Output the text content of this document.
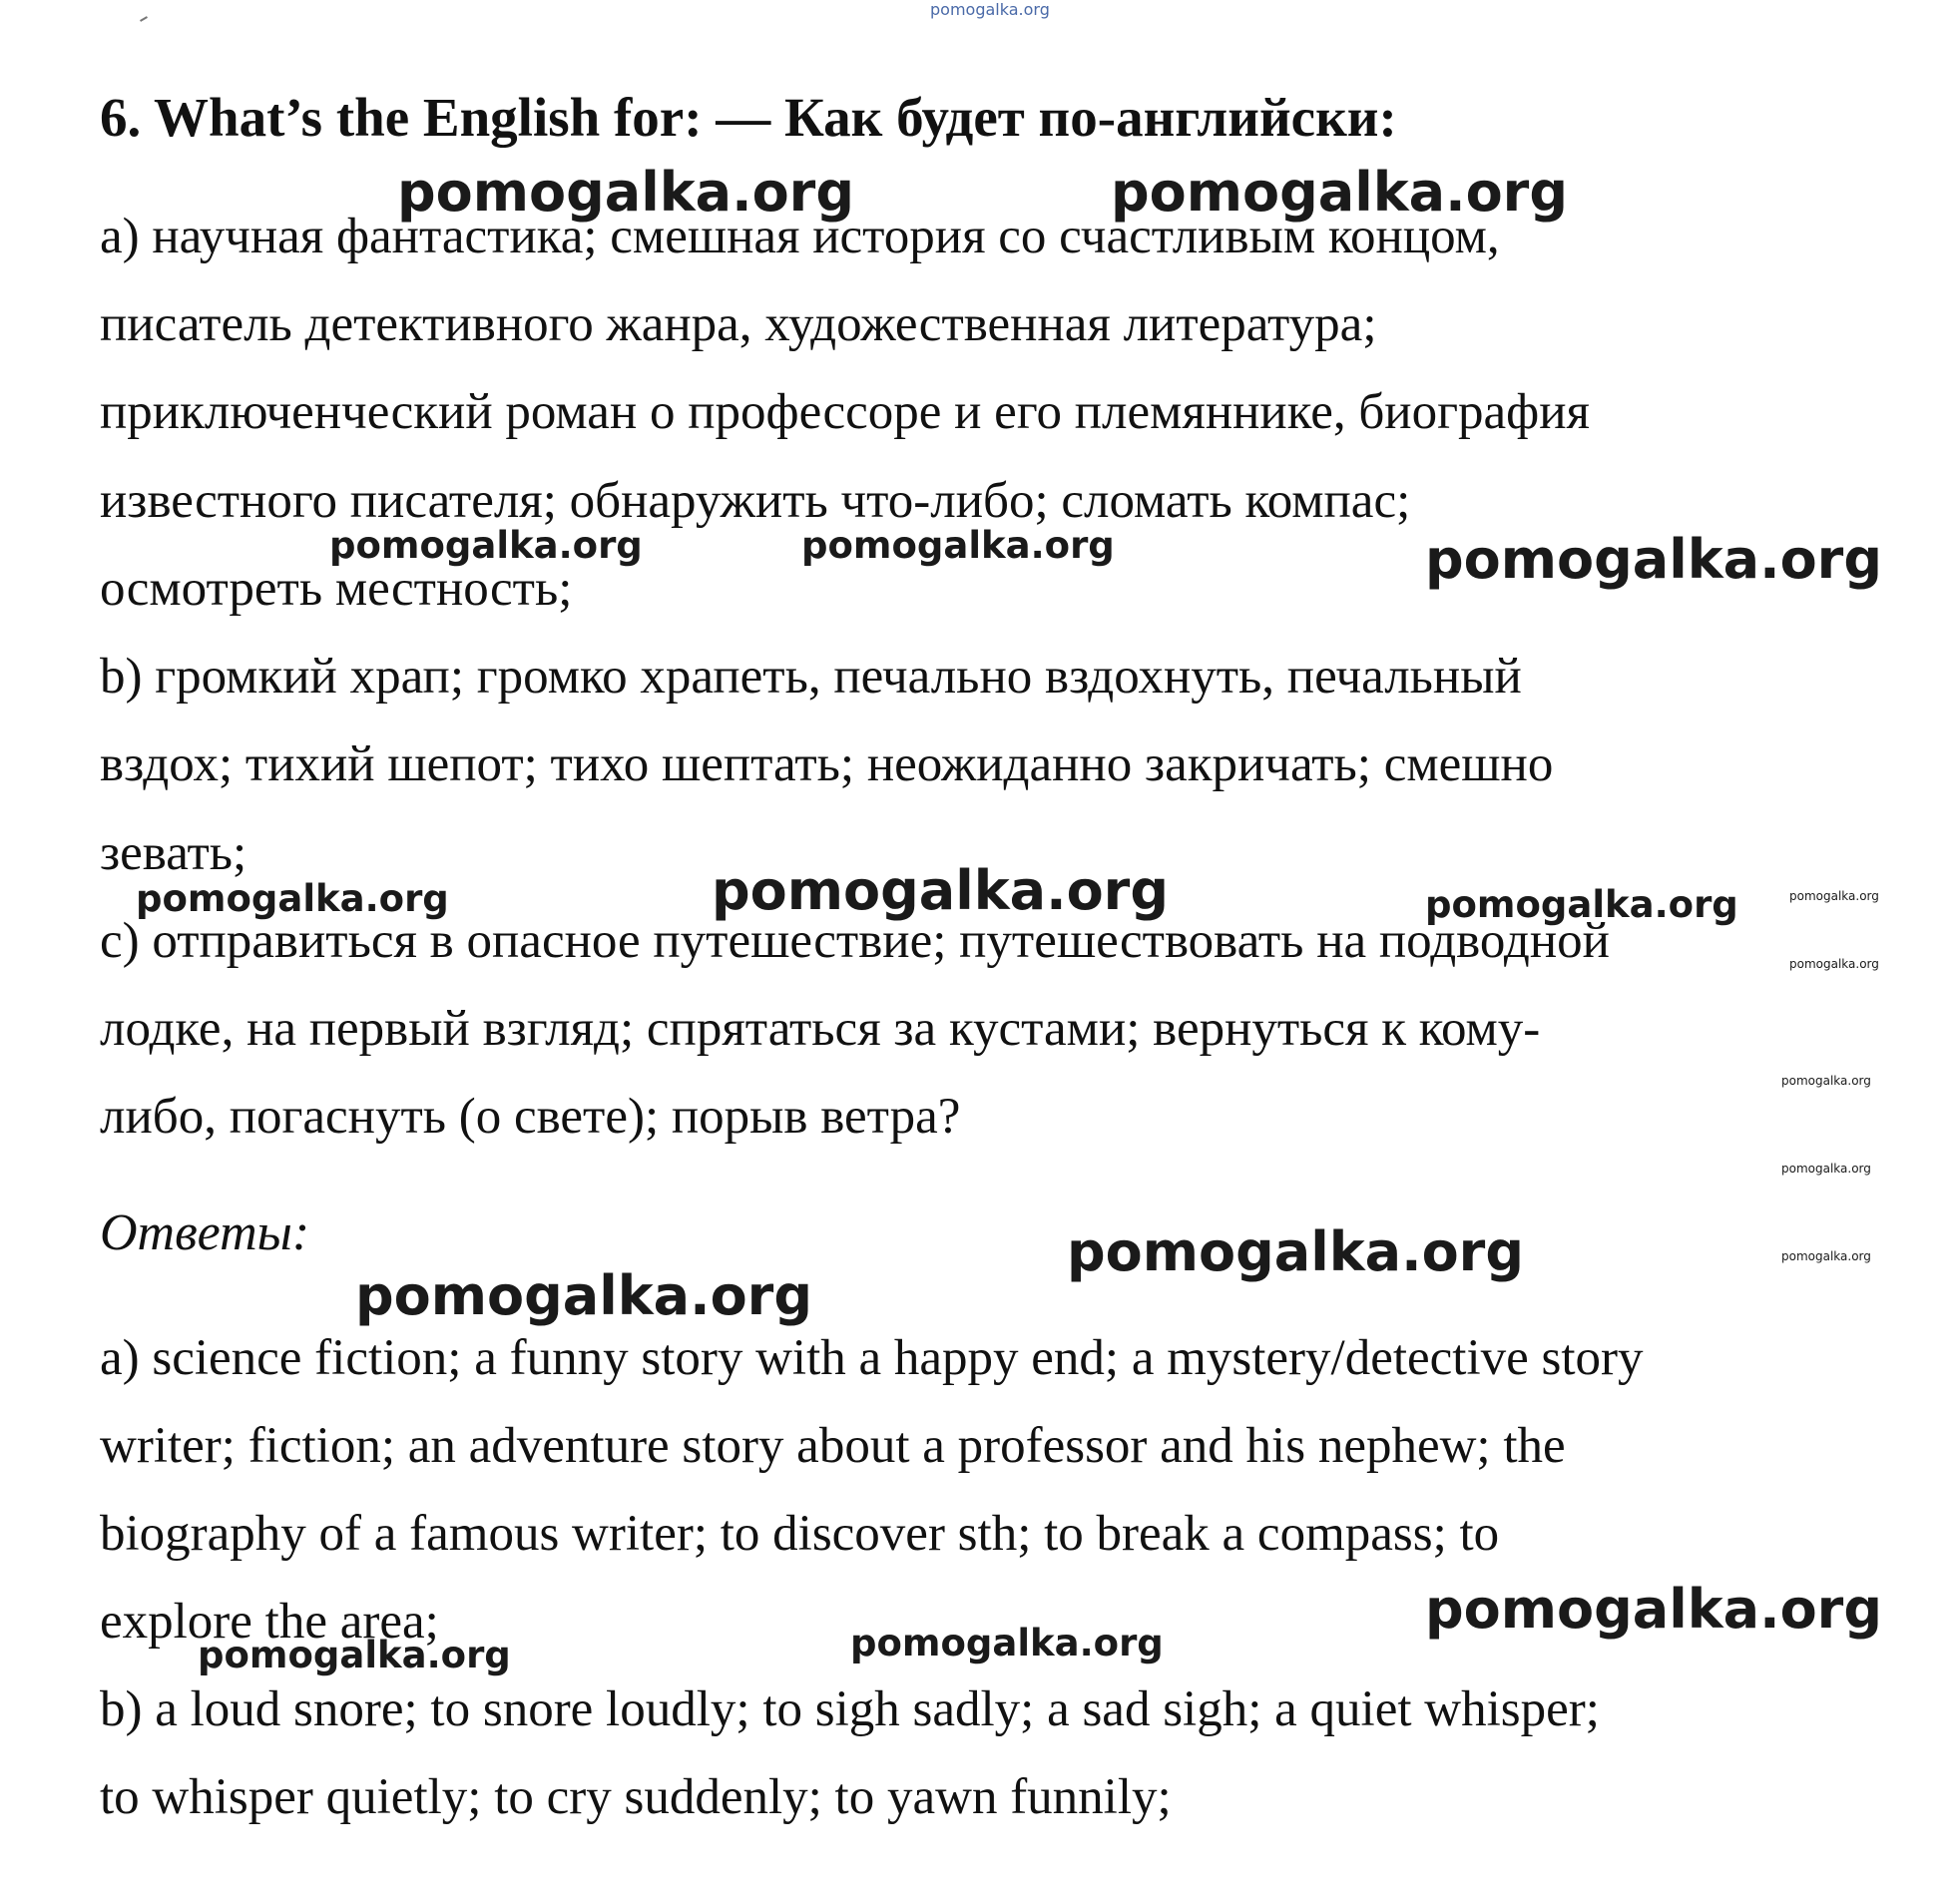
pomogalka.org
6. What’s the English for: — Как будет по-английски:
а) научная фантастика; смешная история со счастливым концом,
писатель детективного жанра, художественная литература;
приключенческий роман о профессоре и его племяннике, биография
известного писателя; обнаружить что-либо; сломать компас;
осмотреть местность;
b) громкий храп; громко храпеть, печально вздохнуть, печальный
вздох; тихий шепот; тихо шептать; неожиданно закричать; смешно
зевать;
с) отправиться в опасное путешествие; путешествовать на подводной
лодке, на первый взгляд; спрятаться за кустами; вернуться к кому-
либо, погаснуть (о свете); порыв ветра?
Ответы:
a) science fiction; a funny story with a happy end; a mystery/detective story
writer; fiction; an adventure story about a professor and his nephew; the
biography of a famous writer; to discover sth; to break a compass; to
explore the area;
b) a loud snore; to snore loudly; to sigh sadly; a sad sigh; a quiet whisper;
to whisper quietly; to cry suddenly; to yawn funnily;
pomogalka.org	pomogalka.org
pomogalka.org	pomogalka.org	pomogalka.org
pomogalka.org	pomogalka.org	pomogalka.org	pomogalka.org
pomogalka.org
pomogalka.org
pomogalka.org
pomogalka.org	pomogalka.org
pomogalka.org
pomogalka.org
pomogalka.org	pomogalka.org
